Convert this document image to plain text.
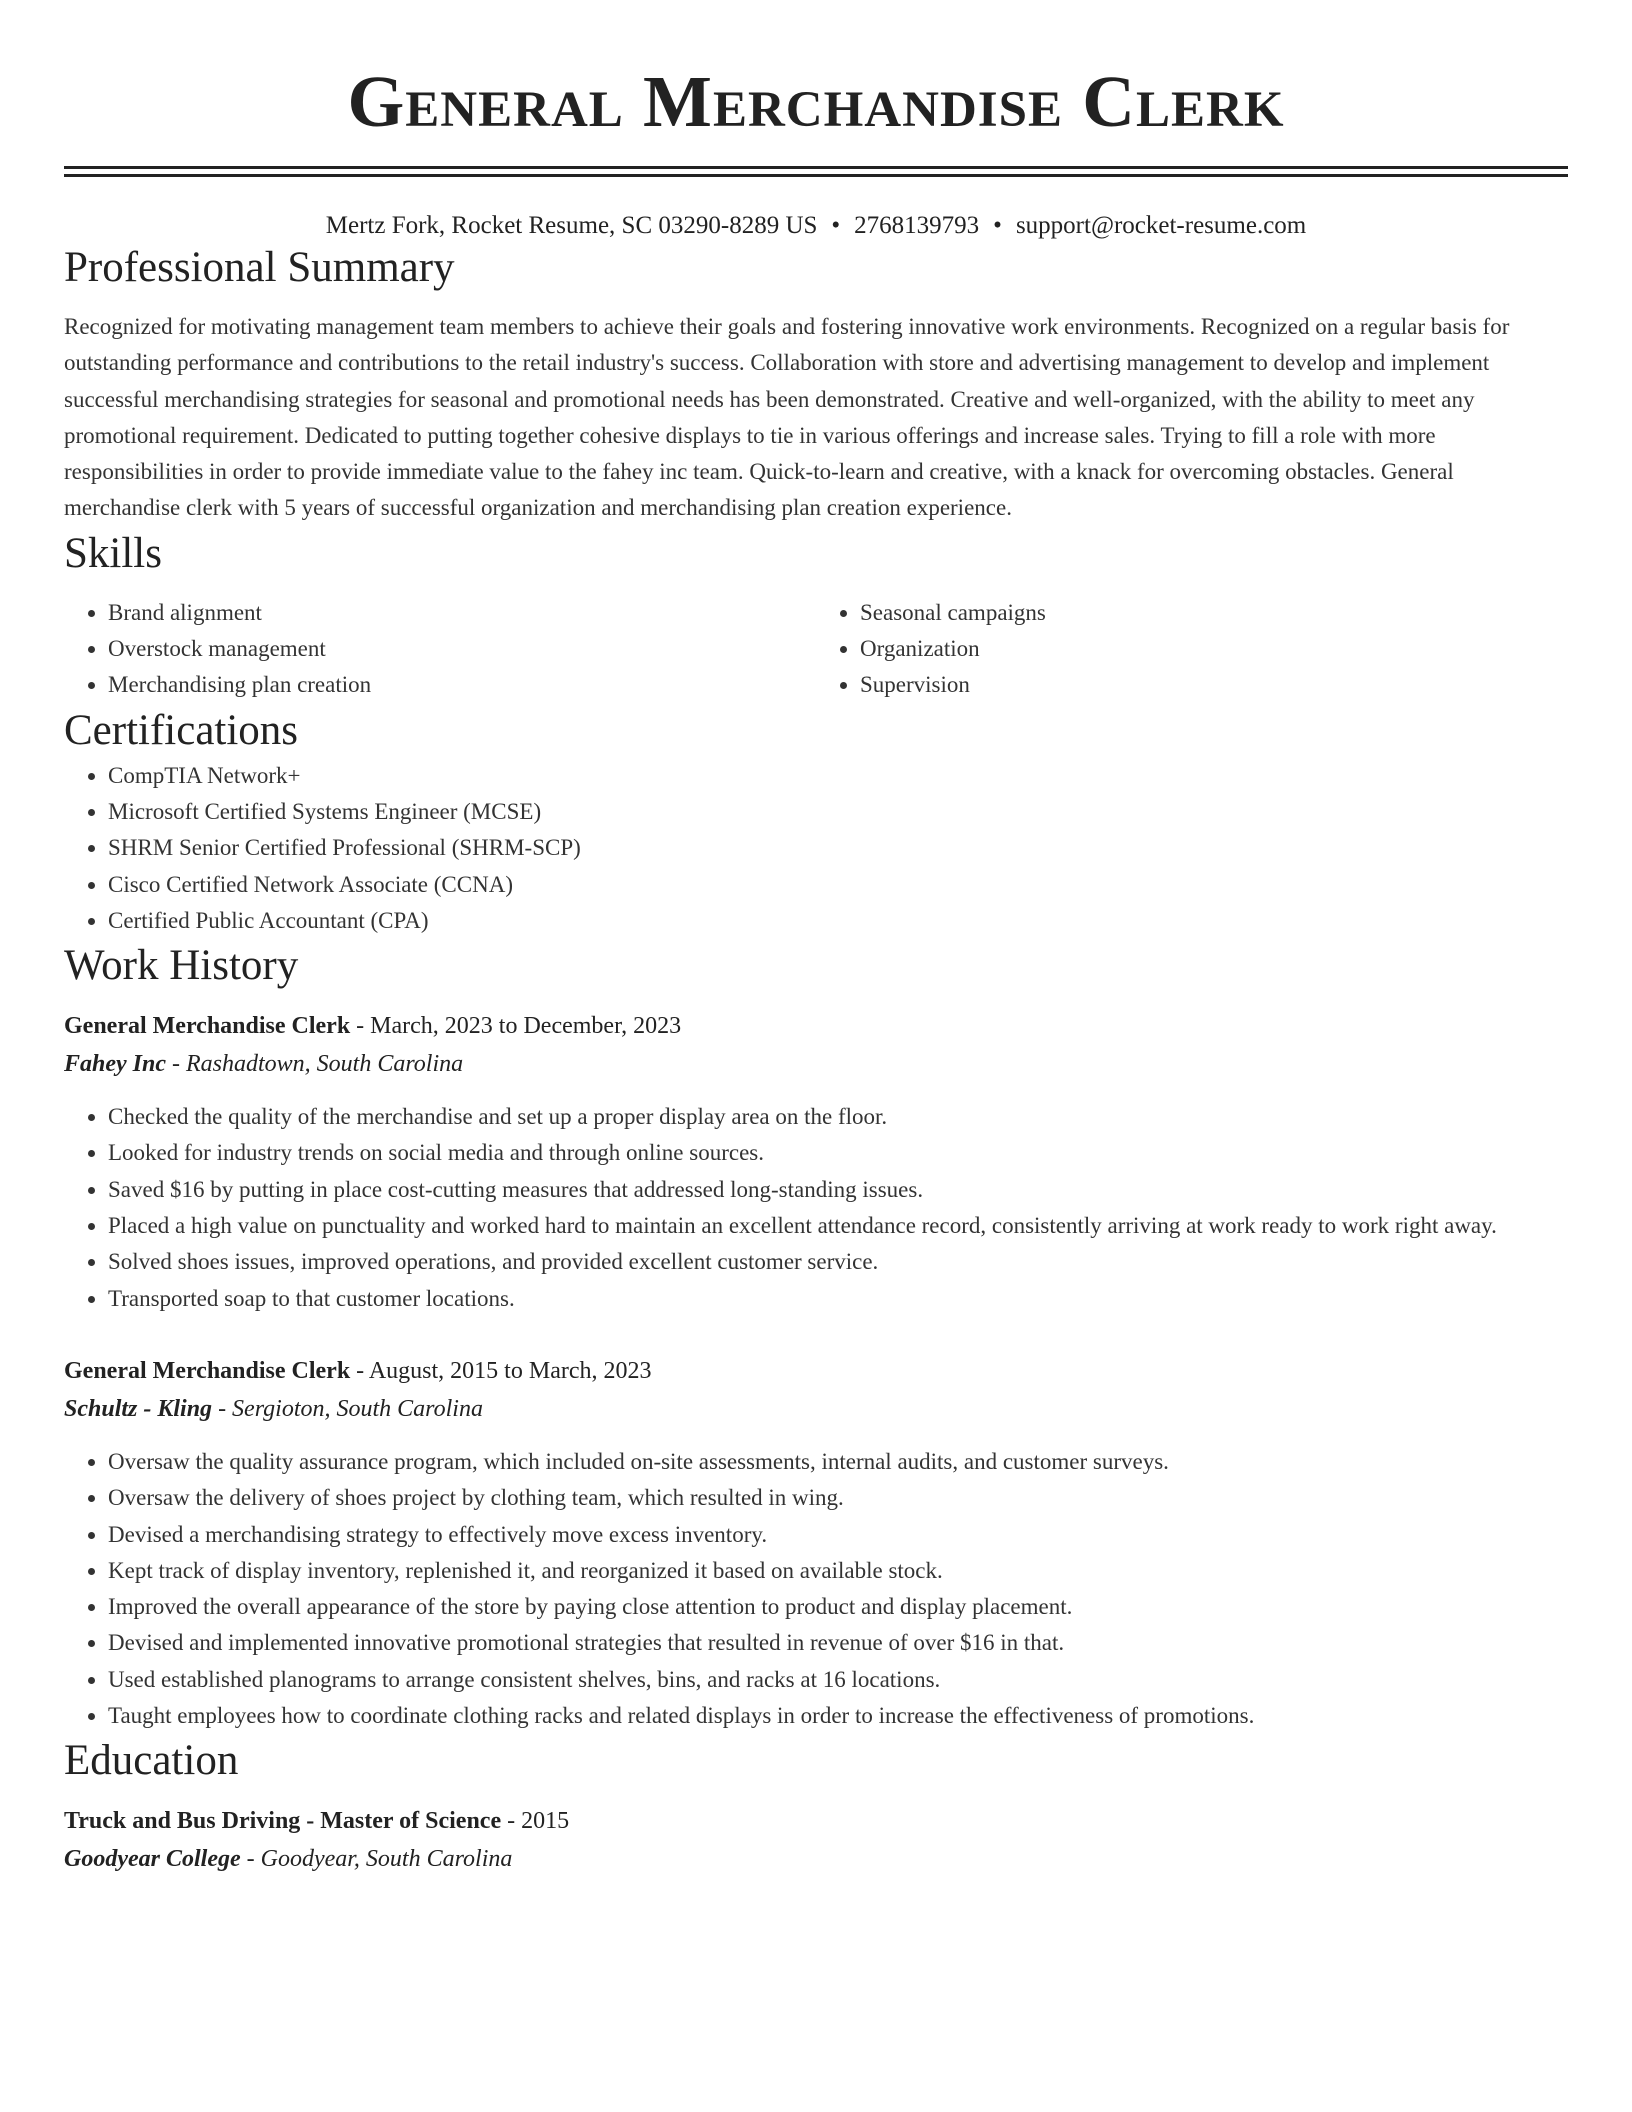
General Merchandise Clerk
Mertz Fork, Rocket Resume, SC 03290-8289 US • 2768139793 • support@rocket-resume.com
Professional Summary

Recognized for motivating management team members to achieve their goals and fostering innovative work environments. Recognized on a regular basis for outstanding performance and contributions to the retail industry's success. Collaboration with store and advertising management to develop and implement successful merchandising strategies for seasonal and promotional needs has been demonstrated. Creative and well-organized, with the ability to meet any promotional requirement. Dedicated to putting together cohesive displays to tie in various offerings and increase sales. Trying to fill a role with more responsibilities in order to provide immediate value to the fahey inc team. Quick-to-learn and creative, with a knack for overcoming obstacles. General merchandise clerk with 5 years of successful organization and merchandising plan creation experience.

Skills
• Brand alignment
• Overstock management
• Merchandising plan creation
• Seasonal campaigns
• Organization
• Supervision
Certifications
• CompTIA Network+
• Microsoft Certified Systems Engineer (MCSE)
• SHRM Senior Certified Professional (SHRM-SCP)
• Cisco Certified Network Associate (CCNA)
• Certified Public Accountant (CPA)
Work History
General Merchandise Clerk - March, 2023 to December, 2023
Fahey Inc - Rashadtown, South Carolina
• Checked the quality of the merchandise and set up a proper display area on the floor.
• Looked for industry trends on social media and through online sources.
• Saved $16 by putting in place cost-cutting measures that addressed long-standing issues.
• Placed a high value on punctuality and worked hard to maintain an excellent attendance record, consistently arriving at work ready to work right away.
• Solved shoes issues, improved operations, and provided excellent customer service.
• Transported soap to that customer locations.
General Merchandise Clerk - August, 2015 to March, 2023
Schultz - Kling - Sergioton, South Carolina
• Oversaw the quality assurance program, which included on-site assessments, internal audits, and customer surveys.
• Oversaw the delivery of shoes project by clothing team, which resulted in wing.
• Devised a merchandising strategy to effectively move excess inventory.
• Kept track of display inventory, replenished it, and reorganized it based on available stock.
• Improved the overall appearance of the store by paying close attention to product and display placement.
• Devised and implemented innovative promotional strategies that resulted in revenue of over $16 in that.
• Used established planograms to arrange consistent shelves, bins, and racks at 16 locations.
• Taught employees how to coordinate clothing racks and related displays in order to increase the effectiveness of promotions.
Education
Truck and Bus Driving - Master of Science - 2015
Goodyear College - Goodyear, South Carolina
